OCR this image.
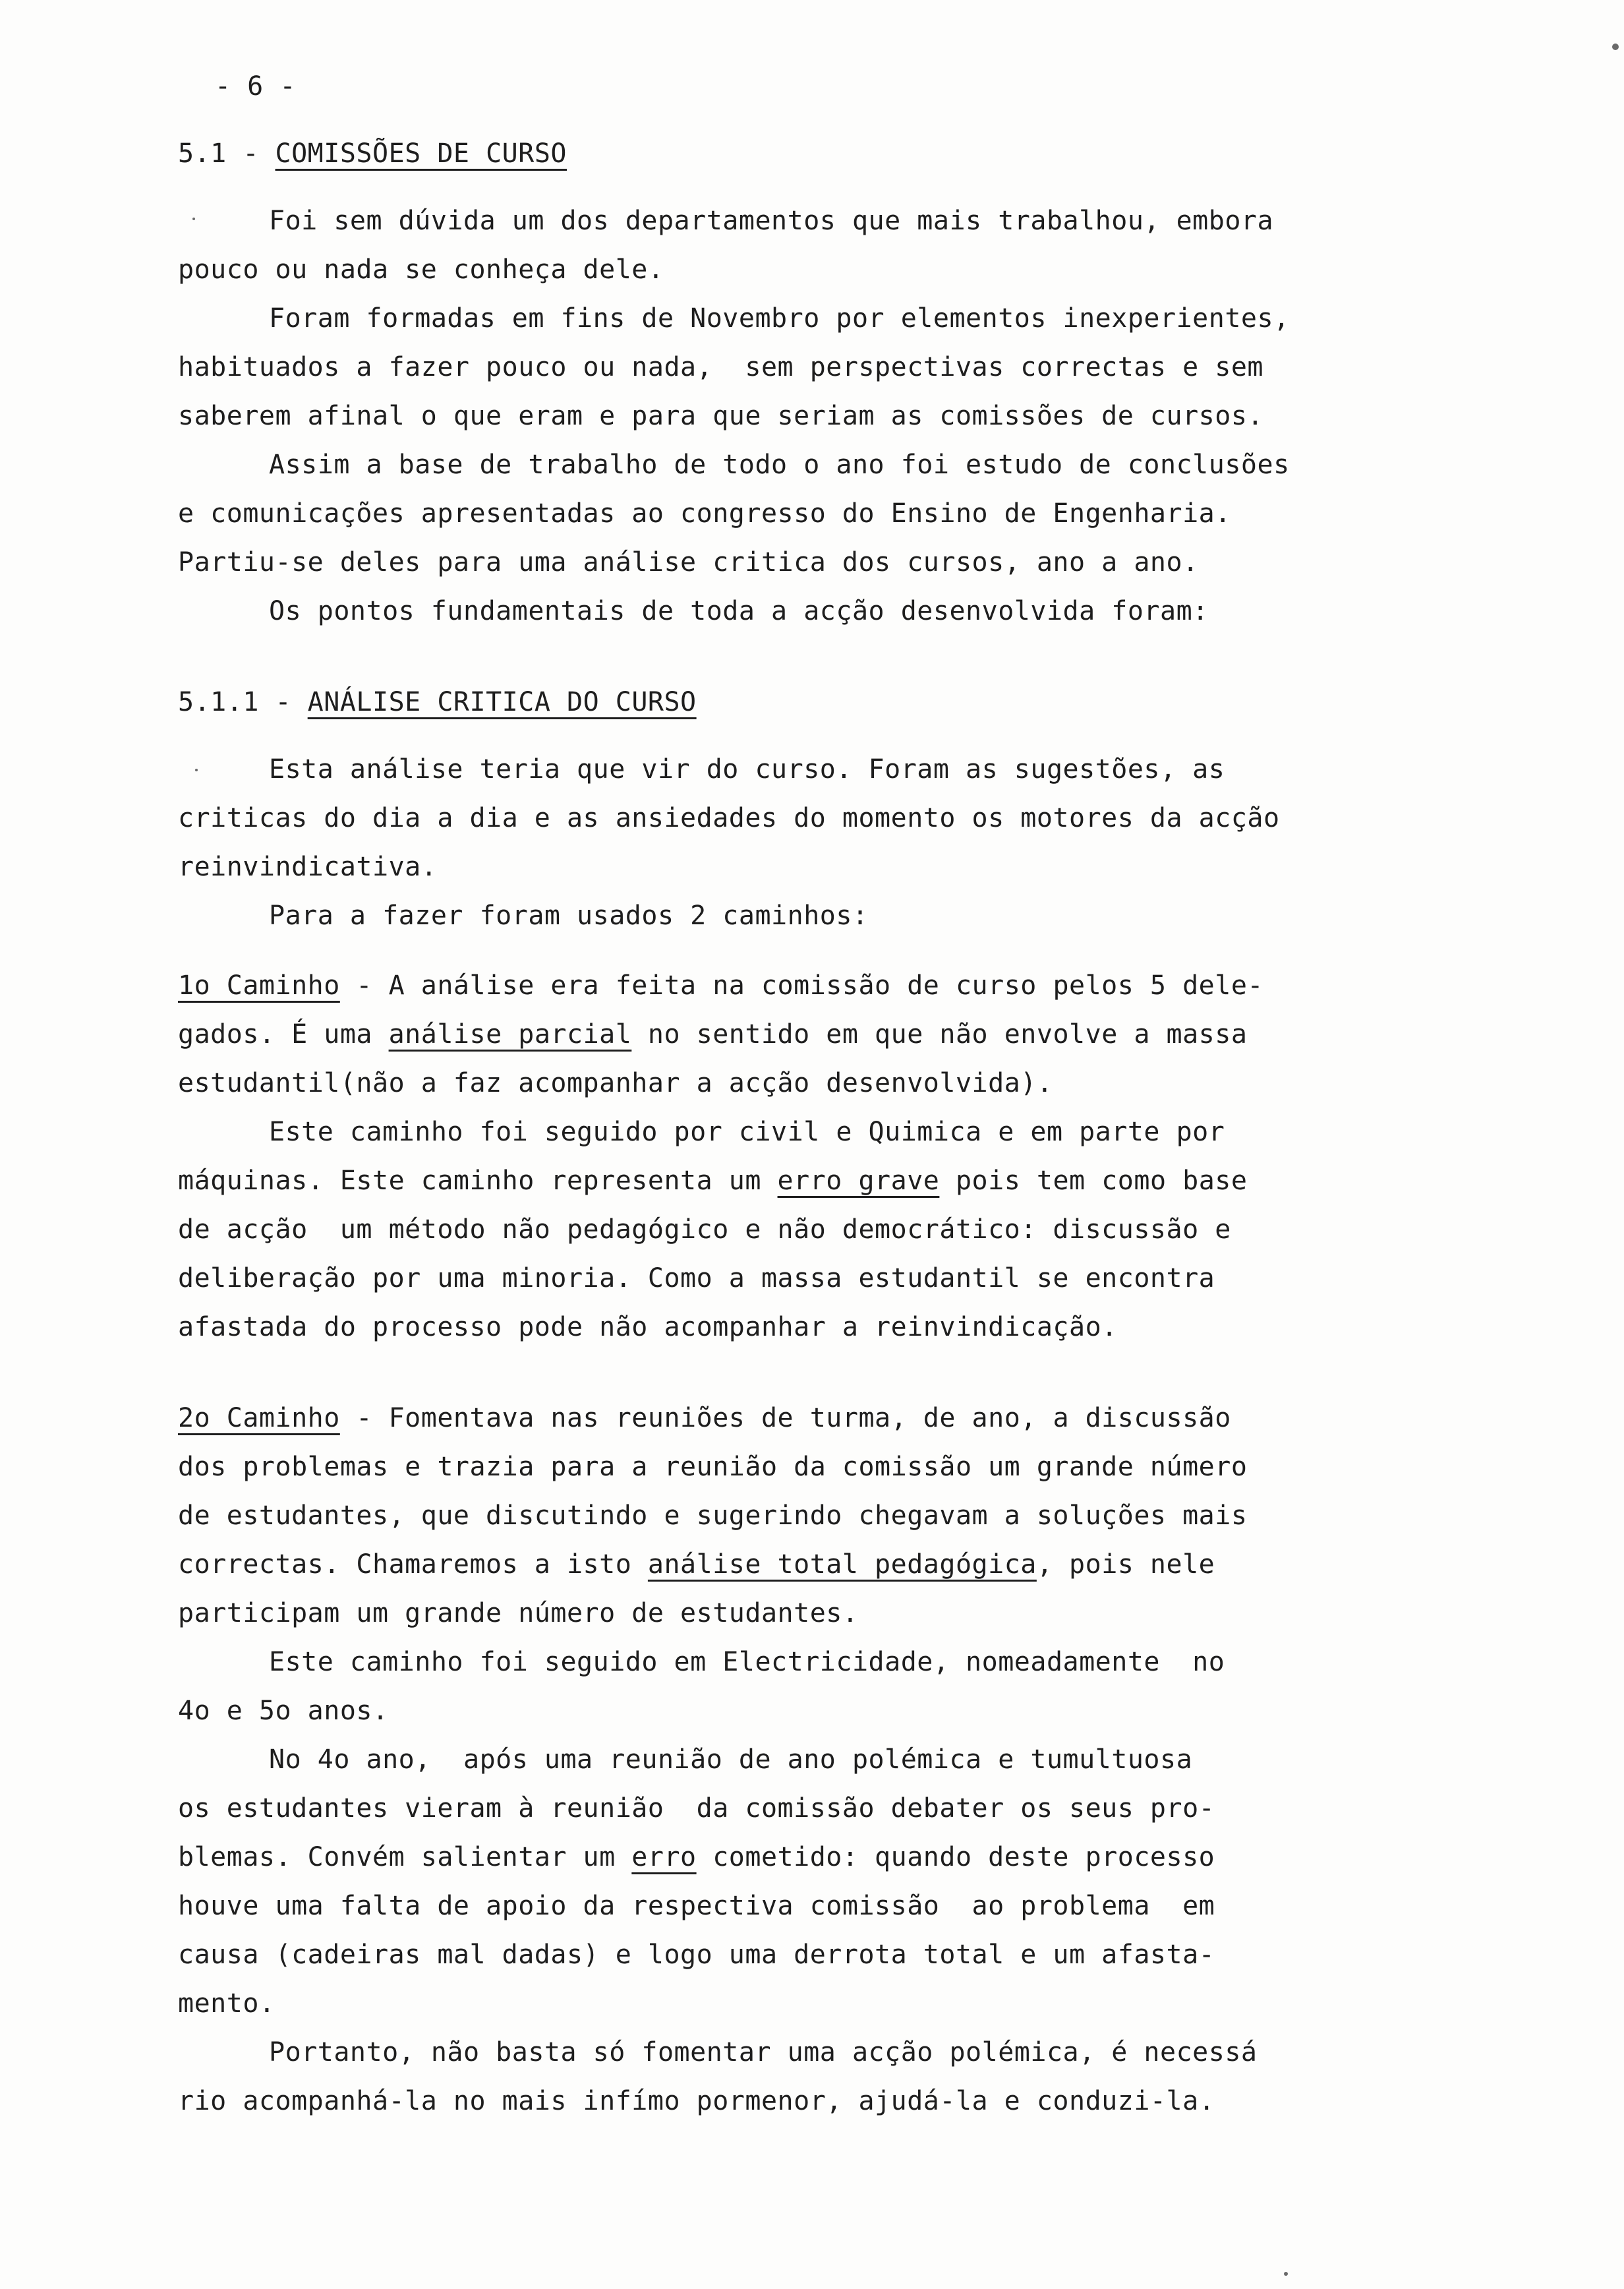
- 6 -
5.1 - COMISSÕES DE CURSO
Foi sem dúvida um dos departamentos que mais trabalhou, embora
pouco ou nada se conheça dele.
Foram formadas em fins de Novembro por elementos inexperientes,
habituados a fazer pouco ou nada,  sem perspectivas correctas e sem
saberem afinal o que eram e para que seriam as comissões de cursos.
Assim a base de trabalho de todo o ano foi estudo de conclusões
e comunicações apresentadas ao congresso do Ensino de Engenharia.
Partiu-se deles para uma análise critica dos cursos, ano a ano.
Os pontos fundamentais de toda a acção desenvolvida foram:
5.1.1 - ANÁLISE CRITICA DO CURSO
Esta análise teria que vir do curso. Foram as sugestões, as
criticas do dia a dia e as ansiedades do momento os motores da acção
reinvindicativa.
Para a fazer foram usados 2 caminhos:
1o Caminho - A análise era feita na comissão de curso pelos 5 dele-
gados. É uma análise parcial no sentido em que não envolve a massa
estudantil(não a faz acompanhar a acção desenvolvida).
Este caminho foi seguido por civil e Quimica e em parte por
máquinas. Este caminho representa um erro grave pois tem como base
de acção  um método não pedagógico e não democrático: discussão e
deliberação por uma minoria. Como a massa estudantil se encontra
afastada do processo pode não acompanhar a reinvindicação.
2o Caminho - Fomentava nas reuniões de turma, de ano, a discussão
dos problemas e trazia para a reunião da comissão um grande número
de estudantes, que discutindo e sugerindo chegavam a soluções mais
correctas. Chamaremos a isto análise total pedagógica, pois nele
participam um grande número de estudantes.
Este caminho foi seguido em Electricidade, nomeadamente  no
4o e 5o anos.
No 4o ano,  após uma reunião de ano polémica e tumultuosa
os estudantes vieram à reunião  da comissão debater os seus pro-
blemas. Convém salientar um erro cometido: quando deste processo
houve uma falta de apoio da respectiva comissão  ao problema  em
causa (cadeiras mal dadas) e logo uma derrota total e um afasta-
mento.
Portanto, não basta só fomentar uma acção polémica, é necessá
rio acompanhá-la no mais infímo pormenor, ajudá-la e conduzi-la.
